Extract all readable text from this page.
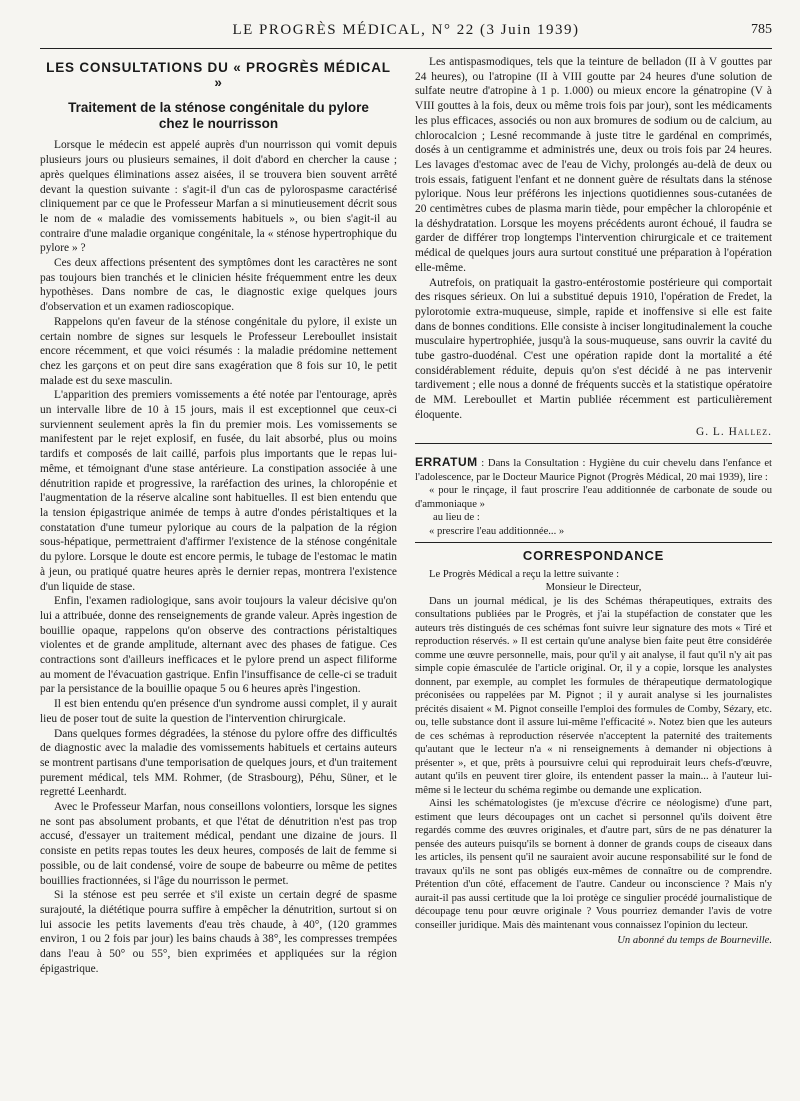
LE PROGRÈS MÉDICAL, N° 22 (3 Juin 1939)	785
LES CONSULTATIONS DU « PROGRÈS MÉDICAL »
Traitement de la sténose congénitale du pylore chez le nourrisson

Lorsque le médecin est appelé auprès d'un nourrisson qui vomit depuis plusieurs jours ou plusieurs semaines, il doit d'abord en chercher la cause ; après quelques éliminations assez aisées, il se trouvera bien souvent arrêté devant la question suivante : s'agit-il d'un cas de pylorospasme caractérisé cliniquement par ce que le Professeur Marfan a si minutieusement décrit sous le nom de « maladie des vomissements habituels », ou bien s'agit-il au contraire d'une maladie organique congénitale, la « sténose hypertrophique du pylore » ?

Ces deux affections présentent des symptômes dont les caractères ne sont pas toujours bien tranchés et le clinicien hésite fréquemment entre les deux hypothèses. Dans nombre de cas, le diagnostic exige quelques jours d'observation et un examen radioscopique.

Rappelons qu'en faveur de la sténose congénitale du pylore, il existe un certain nombre de signes sur lesquels le Professeur Lereboullet insistait encore récemment, et que voici résumés : la maladie prédomine nettement chez les garçons et on peut dire sans exagération que 8 fois sur 10, le petit malade est du sexe masculin.

L'apparition des premiers vomissements a été notée par l'entourage, après un intervalle libre de 10 à 15 jours, mais il est exceptionnel que ceux-ci surviennent seulement après la fin du premier mois. Les vomissements se manifestent par le rejet explosif, en fusée, du lait absorbé, plus ou moins tardifs et composés de lait caillé, parfois plus importants que le repas lui-même, et témoignant d'une stase antérieure. La constipation associée à une dénutrition rapide et progressive, la raréfaction des urines, la chloropénie et l'augmentation de la réserve alcaline sont habituelles. Il est bien entendu que la tension épigastrique animée de temps à autre d'ondes péristaltiques et la constatation d'une tumeur pylorique au cours de la palpation de la région sous-hépatique, permettraient d'affirmer l'existence de la sténose congénitale du pylore. Lorsque le doute est encore permis, le tubage de l'estomac le matin à jeun, ou pratiqué quatre heures après le dernier repas, montrera l'existence d'un liquide de stase.

Enfin, l'examen radiologique, sans avoir toujours la valeur décisive qu'on lui a attribuée, donne des renseignements de grande valeur. Après ingestion de bouillie opaque, rappelons qu'on observe des contractions péristaltiques violentes et de grande amplitude, alternant avec des phases de fatigue. Ces contractions sont d'ailleurs inefficaces et le pylore prend un aspect filiforme au moment de l'évacuation gastrique. Enfin l'insuffisance de celle-ci se traduit par la persistance de la bouillie opaque 5 ou 6 heures après l'ingestion.

Il est bien entendu qu'en présence d'un syndrome aussi complet, il y aurait lieu de poser tout de suite la question de l'intervention chirurgicale.

Dans quelques formes dégradées, la sténose du pylore offre des difficultés de diagnostic avec la maladie des vomissements habituels et certains auteurs se montrent partisans d'une temporisation de quelques jours, et d'un traitement purement médical, tels MM. Rohmer, (de Strasbourg), Péhu, Süner, et le regretté Leenhardt.

Avec le Professeur Marfan, nous conseillons volontiers, lorsque les signes ne sont pas absolument probants, et que l'état de dénutrition n'est pas trop accusé, d'essayer un traitement médical, pendant une dizaine de jours. Il consiste en petits repas toutes les deux heures, composés de lait de femme si possible, ou de lait condensé, voire de soupe de babeurre ou même de petites bouillies fractionnées, si l'âge du nourrisson le permet.

Si la sténose est peu serrée et s'il existe un certain degré de spasme surajouté, la diététique pourra suffire à empêcher la dénutrition, surtout si on lui associe les petits lavements d'eau très chaude, à 40°, (120 grammes environ, 1 ou 2 fois par jour) les bains chauds à 38°, les compresses trempées dans l'eau à 50° ou 55°, bien exprimées et appliquées sur la région épigastrique.

Les antispasmodiques, tels que la teinture de belladon (II à V gouttes par 24 heures), ou l'atropine (II à VIII goutte par 24 heures d'une solution de sulfate neutre d'atropine à 1 p. 1.000) ou mieux encore la génatropine (V à VIII gouttes à la fois, deux ou même trois fois par jour), sont les médicaments les plus efficaces, associés ou non aux bromures de sodium ou de calcium, au chlorocalcion ; Lesné recommande à juste titre le gardénal en comprimés, dosés à un centigramme et administrés une, deux ou trois fois par 24 heures. Les lavages d'estomac avec de l'eau de Vichy, prolongés au-delà de deux ou trois essais, fatiguent l'enfant et ne donnent guère de résultats dans la sténose pylorique. Nous leur préférons les injections quotidiennes sous-cutanées de 20 centimètres cubes de plasma marin tiède, pour empêcher la chloropénie et la déshydratation. Lorsque les moyens précédents auront échoué, il faudra se garder de différer trop longtemps l'intervention chirurgicale et ce traitement médical de quelques jours aura surtout constitué une préparation à l'opération elle-même.

Autrefois, on pratiquait la gastro-entérostomie postérieure qui comportait des risques sérieux. On lui a substitué depuis 1910, l'opération de Fredet, la pylorotomie extra-muqueuse, simple, rapide et inoffensive si elle est faite dans de bonnes conditions. Elle consiste à inciser longitudinalement la couche musculaire hypertrophiée, jusqu'à la sous-muqueuse, sans ouvrir la cavité du tube gastro-duodénal. C'est une opération rapide dont la mortalité a été considérablement réduite, depuis qu'on s'est décidé à ne pas intervenir tardivement ; elle nous a donné de fréquents succès et la statistique opératoire de MM. Lereboullet et Martin publiée récemment est particulièrement éloquente.

G. L. Hallez.

ERRATUM : Dans la Consultation : Hygiène du cuir chevelu dans l'enfance et l'adolescence, par le Docteur Maurice Pignot (Progrès Médical, 20 mai 1939), lire :

« pour le rinçage, il faut proscrire l'eau additionnée de carbonate de soude ou d'ammoniaque »

au lieu de :

« prescrire l'eau additionnée... »

CORRESPONDANCE

Le Progrès Médical a reçu la lettre suivante :

Monsieur le Directeur,

Dans un journal médical, je lis des Schémas thérapeutiques, extraits des consultations publiées par le Progrès, et j'ai la stupéfaction de constater que les auteurs très distingués de ces schémas font suivre leur signature des mots « Tiré et reproduction réservés. » Il est certain qu'une analyse bien faite peut être considérée comme une œuvre personnelle, mais, pour qu'il y ait analyse, il faut qu'il n'y ait pas simple copie émasculée de l'article original. Or, il y a copie, lorsque les analystes donnent, par exemple, au complet les formules de thérapeutique dermatologique préconisées ou rappelées par M. Pignot ; il y aurait analyse si les journalistes précités disaient « M. Pignot conseille l'emploi des formules de Comby, Sézary, etc. ou, telle substance dont il assure lui-même l'efficacité ». Notez bien que les auteurs de ces schémas à reproduction réservée n'acceptent la paternité des traitements qu'autant que le lecteur n'a « ni renseignements à demander ni objections à présenter », et que, prêts à poursuivre celui qui reproduirait leurs chefs-d'œuvre, autant qu'ils en peuvent tirer gloire, ils entendent passer la main... à l'auteur lui-même si le lecteur du schéma regimbe ou demande une explication.

Ainsi les schématologistes (je m'excuse d'écrire ce néologisme) d'une part, estiment que leurs découpages ont un cachet si personnel qu'ils doivent être regardés comme des œuvres originales, et d'autre part, sûrs de ne pas dénaturer la pensée des auteurs puisqu'ils se bornent à donner de grands coups de ciseaux dans les articles, ils pensent qu'il ne sauraient avoir aucune responsabilité sur le fond de travaux qu'ils ne sont pas obligés eux-mêmes de connaître ou de comprendre. Prétention d'un côté, effacement de l'autre. Candeur ou inconscience ? Mais n'y aurait-il pas aussi certitude que la loi protège ce singulier procédé journalistique de découpage tenu pour œuvre originale ? Vous pourriez demander l'avis de votre conseiller juridique. Mais dès maintenant vous connaissez l'opinion du lecteur.

Un abonné du temps de Bourneville.
